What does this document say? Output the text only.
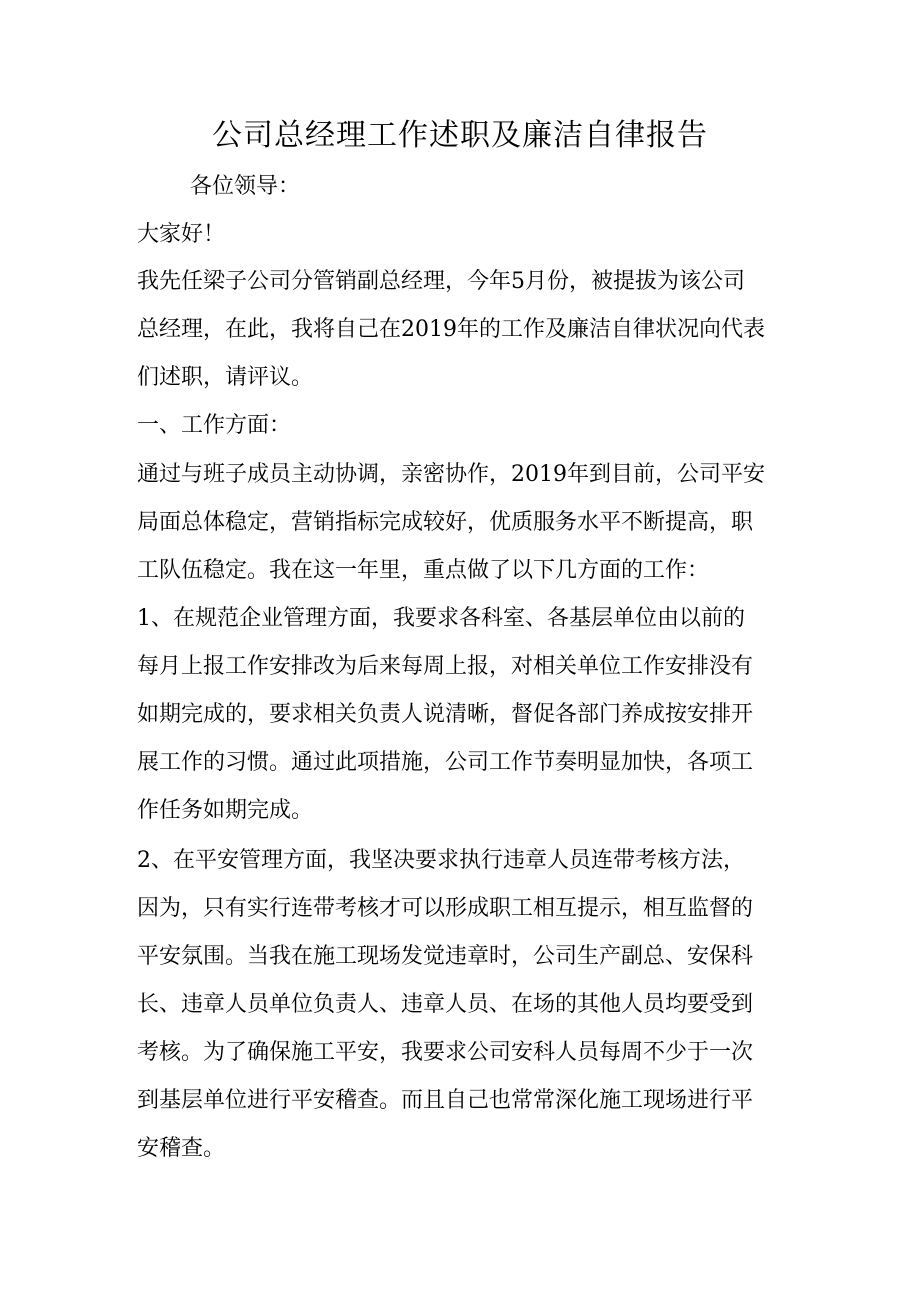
公司总经理工作述职及廉洁自律报告

各位领导：

大家好！

我先任梁子公司分管销副总经理，今年5月份，被提拔为该公司

总经理，在此，我将自己在2019年的工作及廉洁自律状况向代表

们述职，请评议。

一、工作方面：

通过与班子成员主动协调，亲密协作，2019年到目前，公司平安

局面总体稳定，营销指标完成较好，优质服务水平不断提高，职

工队伍稳定。我在这一年里，重点做了以下几方面的工作：

1、在规范企业管理方面，我要求各科室、各基层单位由以前的

每月上报工作安排改为后来每周上报，对相关单位工作安排没有

如期完成的，要求相关负责人说清晰，督促各部门养成按安排开

展工作的习惯。通过此项措施，公司工作节奏明显加快，各项工

作任务如期完成。

2、在平安管理方面，我坚决要求执行违章人员连带考核方法，

因为，只有实行连带考核才可以形成职工相互提示，相互监督的

平安氛围。当我在施工现场发觉违章时，公司生产副总、安保科

长、违章人员单位负责人、违章人员、在场的其他人员均要受到

考核。为了确保施工平安，我要求公司安科人员每周不少于一次

到基层单位进行平安稽查。而且自己也常常深化施工现场进行平

安稽查。
